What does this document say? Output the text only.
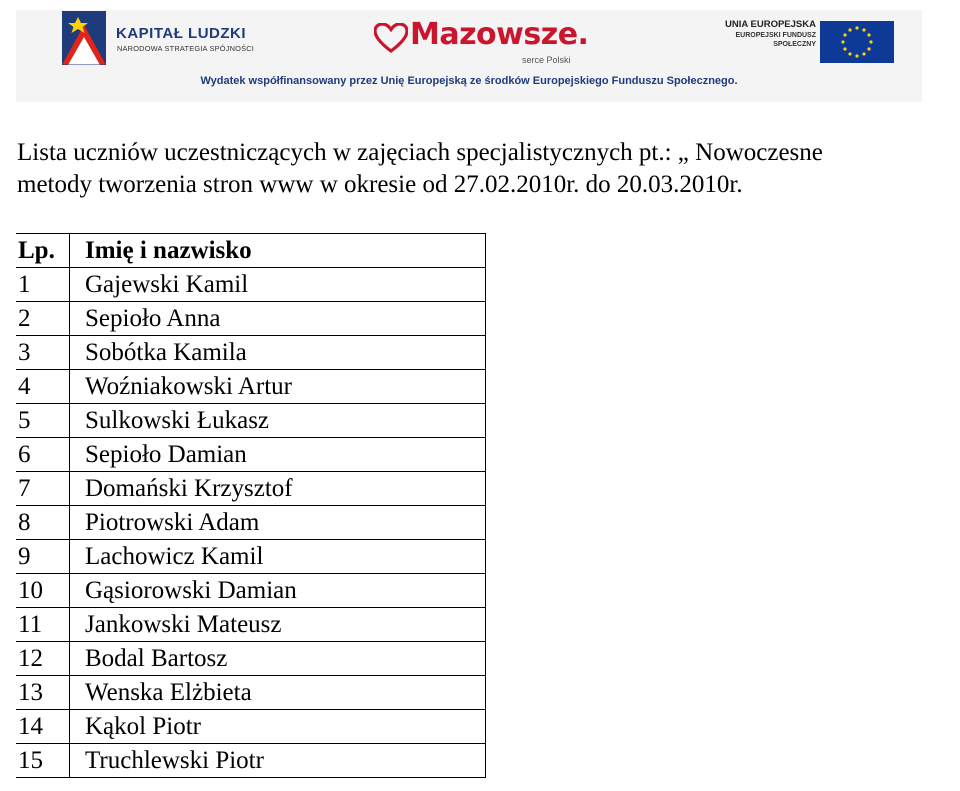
KAPITAŁ LUDZKI
NARODOWA STRATEGIA SPÓJNOŚCI	Mazowsze.
serce Polski
UNIA EUROPEJSKA
EUROPEJSKI FUNDUSZ
SPOŁECZNY
Wydatek współfinansowany przez Unię Europejską ze środków Europejskiego Funduszu Społecznego.
Lista uczniów uczestniczących w zajęciach specjalistycznych pt.: „ Nowoczesne
metody tworzenia stron www w okresie od 27.02.2010r. do 20.03.2010r.
Lp.	Imię i nazwisko
1	Gajewski Kamil
2	Sepioło Anna
3	Sobótka Kamila
4	Woźniakowski Artur
5	Sulkowski Łukasz
6	Sepioło Damian
7	Domański Krzysztof
8	Piotrowski Adam
9	Lachowicz Kamil
10	Gąsiorowski Damian
11	Jankowski Mateusz
12	Bodal Bartosz
13	Wenska Elżbieta
14	Kąkol Piotr
15	Truchlewski Piotr
